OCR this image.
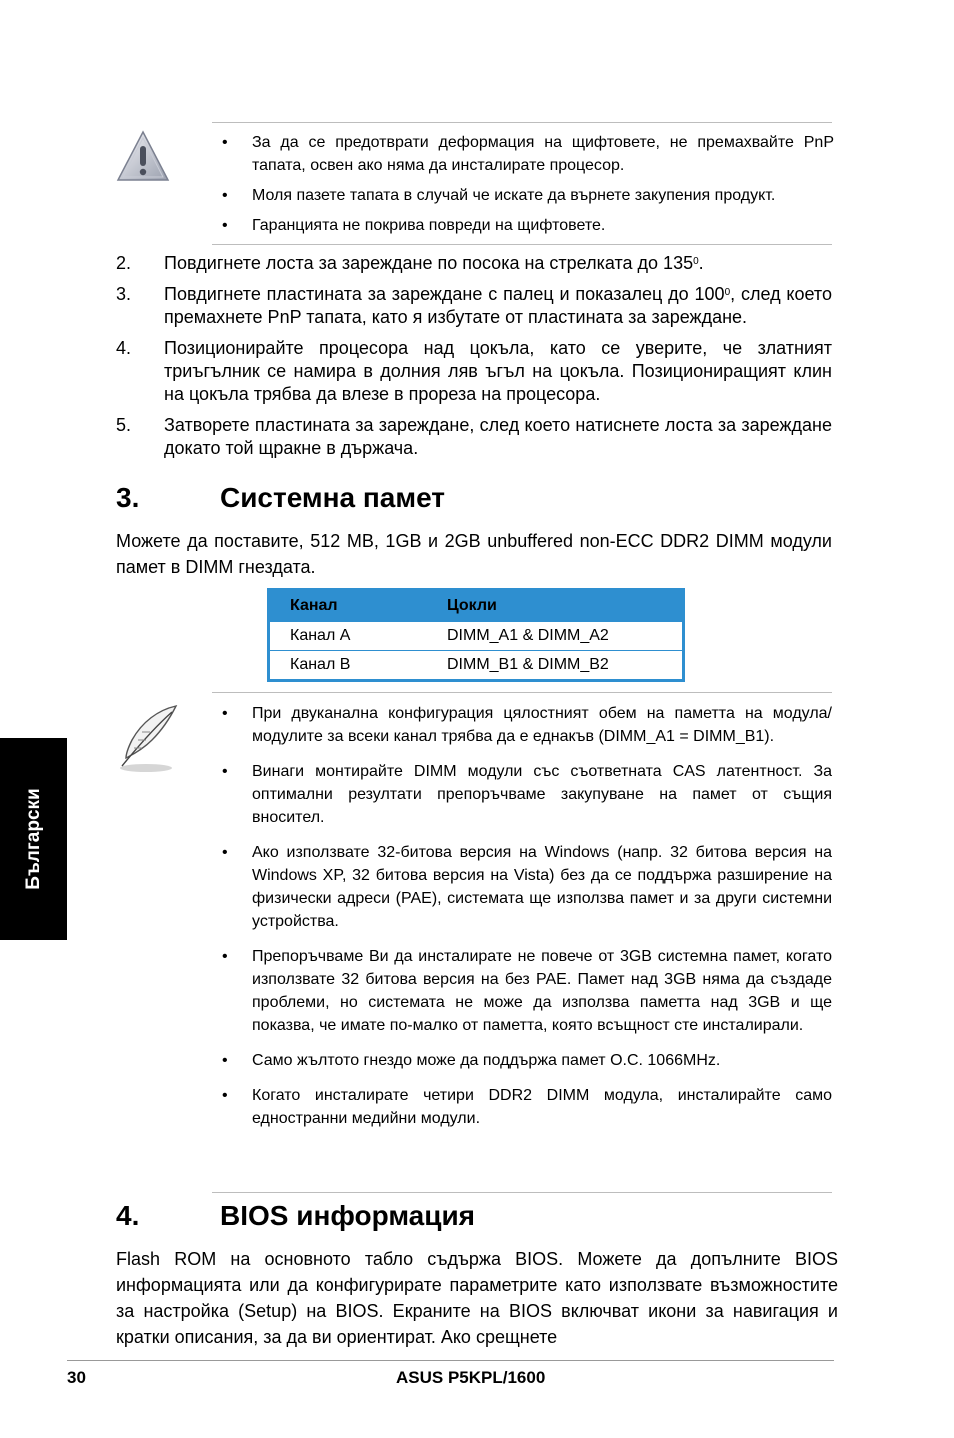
• За да се предотврати деформация на щифтовете, не премахвайте PnP тапата, освен ако няма да инсталирате процесор.
• Моля пазете тапата в случай че искате да върнете закупения продукт.
• Гаранцията не покрива повреди на щифтовете.
2.	Повдигнете лоста за зареждане по посока на стрелката до $135^0$.
3.	Повдигнете пластината за зареждане с палец и показалец до $100^0$, след което премахнете PnP тапата, като я избутате от пластината за зареждане.
4.	Позиционирайте процесора над цокъла, като се уверите, че златният триъгълник се намира в долния ляв ъгъл на цокъла. Позициониращият клин на цокъла трябва да влезе в прореза на процесора.
5.	Затворете пластината за зареждане, след което натиснете лоста за зареждане докато той щракне в държача.
3.	Системна памет
Можете да поставите, 512 MB, 1GB и 2GB unbuffered non-ECC DDR2 DIMM модули памет в DIMM гнездата.
Канал	Цокли
Канал A	DIMM_A1 & DIMM_A2
Канал B	DIMM_B1 & DIMM_B2
• При двуканална конфигурация цялостният обем на паметта на модула/модулите за всеки канал трябва да е еднакъв (DIMM_A1 = DIMM_B1).
• Винаги монтирайте DIMM модули със съответната CAS латентност. За оптимални резултати препоръчваме закупуване на памет от същия вносител.
• Ако използвате 32-битова версия на Windows (напр. 32 битова версия на Windows XP, 32 битова версия на Vista) без да се поддържа разширение на физически адреси (PAE), системата ще използва памет и за други системни устройства.
• Препоръчваме Ви да инсталирате не повече от 3GB системна памет, когато използвате 32 битова версия на без PAE. Памет над 3GB няма да създаде проблеми, но системата не може да използва паметта над 3GB и ще показва, че имате по-малко от паметта, която всъщност сте инсталирали.
• Само жълтото гнездо може да поддържа памет O.C. 1066MHz.
• Когато инсталирате четири DDR2 DIMM модула, инсталирайте само едностранни медийни модули.
4.	BIOS информация
Flash ROM на основното табло съдържа BIOS. Можете да допълните BIOS информацията или да конфигурирате параметрите като използвате възможностите за настройка (Setup) на BIOS. Екраните на BIOS включват икони за навигация и кратки описания, за да ви ориентират. Ако срещнете
Български
30	ASUS P5KPL/1600
